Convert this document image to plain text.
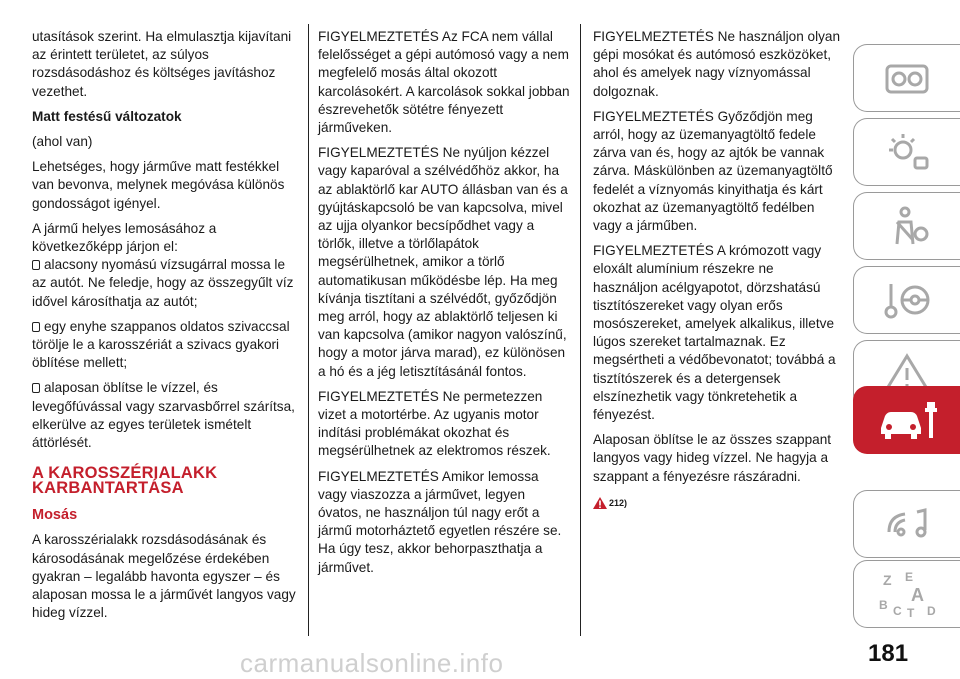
utasítások szerint. Ha elmulasztja kijavítani az érintett területet, az súlyos rozsdásodáshoz és költséges javításhoz vezethet.

Matt festésű változatok

(ahol van)

Lehetséges, hogy járműve matt festékkel van bevonva, melynek megóvása különös gondosságot igényel.

A jármű helyes lemosásához a következőképp járjon el:

alacsony nyomású vízsugárral mossa le az autót. Ne feledje, hogy az összegyűlt víz idővel károsíthatja az autót;

egy enyhe szappanos oldatos szivaccsal törölje le a karosszériát a szivacs gyakori öblítése mellett;

alaposan öblítse le vízzel, és levegőfúvással vagy szarvasbőrrel szárítsa, elkerülve az egyes területek ismételt áttörlését.

A KAROSSZÉRIALAKK
KARBANTARTÁSA

Mosás

A karosszérialakk rozsdásodásának és károsodásának megelőzése érdekében gyakran – legalább havonta egyszer – és alaposan mossa le a járművét langyos vagy hideg vízzel.

FIGYELMEZTETÉS Az FCA nem vállal felelősséget a gépi autómosó vagy a nem megfelelő mosás által okozott karcolásokért. A karcolások sokkal jobban észrevehetők sötétre fényezett járműveken.

FIGYELMEZTETÉS Ne nyúljon kézzel vagy kaparóval a szélvédőhöz akkor, ha az ablaktörlő kar AUTO állásban van és a gyújtáskapcsoló be van kapcsolva, mivel az ujja olyankor becsípődhet vagy a törlők, illetve a törlőlapátok megsérülhetnek, amikor a törlő automatikusan működésbe lép. Ha meg kívánja tisztítani a szélvédőt, győződjön meg arról, hogy az ablaktörlő teljesen ki van kapcsolva (amikor nagyon valószínű, hogy a motor járva marad), ez különösen a hó és a jég letisztításánál fontos.

FIGYELMEZTETÉS Ne permetezzen vizet a motortérbe. Az ugyanis motor indítási problémákat okozhat és megsérülhetnek az elektromos részek.

FIGYELMEZTETÉS Amikor lemossa vagy viaszozza a járművet, legyen óvatos, ne használjon túl nagy erőt a jármű motorháztető egyetlen részére se. Ha úgy tesz, akkor behorpaszthatja a járművet.

FIGYELMEZTETÉS Ne használjon olyan gépi mosókat és autómosó eszközöket, ahol és amelyek nagy víznyomással dolgoznak.

FIGYELMEZTETÉS Győződjön meg arról, hogy az üzemanyagtöltő fedele zárva van és, hogy az ajtók be vannak zárva. Máskülönben az üzemanyagtöltő fedelét a víznyomás kinyithatja és kárt okozhat az üzemanyagtöltő fedélben vagy a járműben.

FIGYELMEZTETÉS A krómozott vagy eloxált alumínium részekre ne használjon acélgyapotot, dörzshatású tisztítószereket vagy olyan erős mosószereket, amelyek alkalikus, illetve lúgos szereket tartalmaznak. Ez megsértheti a védőbevonatot; továbbá a tisztítószerek és a detergensek elszínezhetik vagy tönkretehetik a fényezést.

Alaposan öblítse le az összes szappant langyos vagy hideg vízzel. Ne hagyja a szappant a fényezésre rászáradni.

212)
Z E
B A
C T D
181
carmanualsonline.info
